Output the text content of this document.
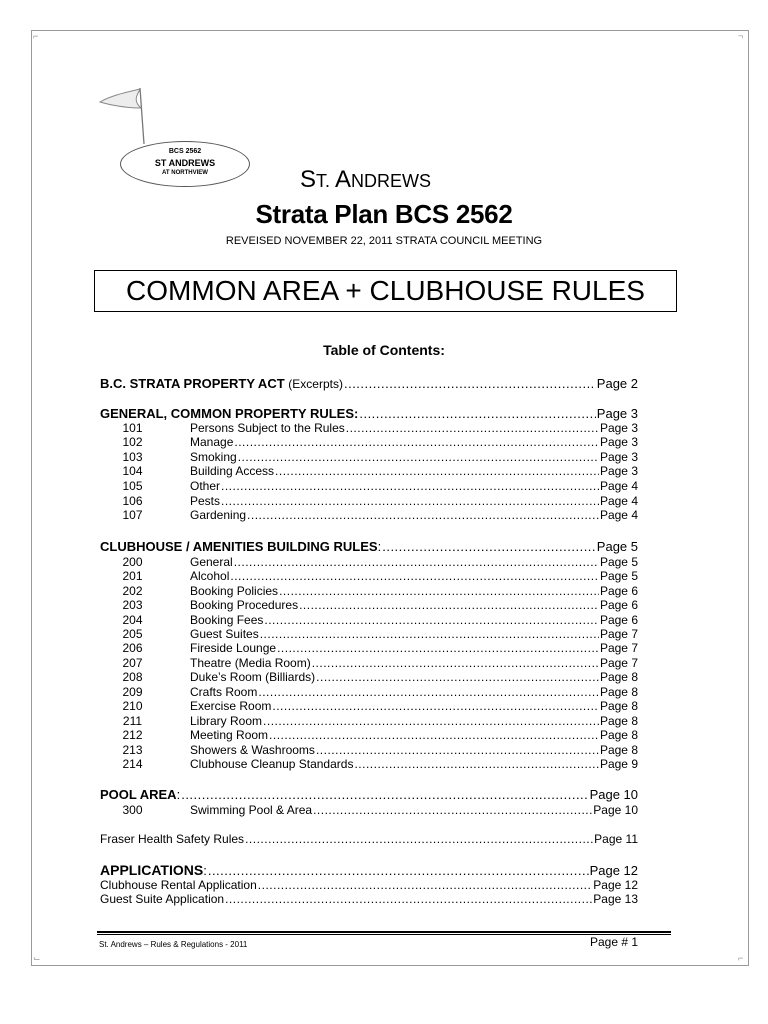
⌐	¬
⌙	⌐
BCS 2562
ST ANDREWS
AT NORTHVIEW	ST. ANDREWS
Strata Plan BCS 2562
REVEISED NOVEMBER 22, 2011 STRATA COUNCIL MEETING
COMMON AREA + CLUBHOUSE RULES
Table of Contents:
B.C. STRATA PROPERTY ACT
(Excerpts) .....	Page 2
GENERAL, COMMON PROPERTY RULES: .....	Page 3
101	Persons Subject to the Rules .....	Page 3
102	Manage .....	Page 3
103	Smoking .....	Page 3
104	Building Access .....	Page 3
105	Other .....	Page 4
106	Pests .....	Page 4
107	Gardening .....	Page 4
CLUBHOUSE / AMENITIES BUILDING RULES : .....	Page 5
200	General .....	Page 5
201	Alcohol .....	Page 5
202	Booking Policies .....	Page 6
203	Booking Procedures .....	Page 6
204	Booking Fees .....	Page 6
205	Guest Suites .....	Page 7
206	Fireside Lounge .....	Page 7
207	Theatre (Media Room) .....	Page 7
208	Duke’s Room (Billiards) .....	Page 8
209	Crafts Room .....	Page 8
210	Exercise Room .....	Page 8
211	Library Room .....	Page 8
212	Meeting Room .....	Page 8
213	Showers & Washrooms .....	Page 8
214	Clubhouse Cleanup Standards .....	Page 9
POOL AREA : .....	Page 10
300	Swimming Pool & Area .....	Page 10
Fraser Health Safety Rules .....	Page 11
APPLICATIONS : .....	Page 12
Clubhouse Rental Application .....	Page 12
Guest Suite Application .....	Page 13
St. Andrews – Rules & Regulations - 2011	Page # 1
